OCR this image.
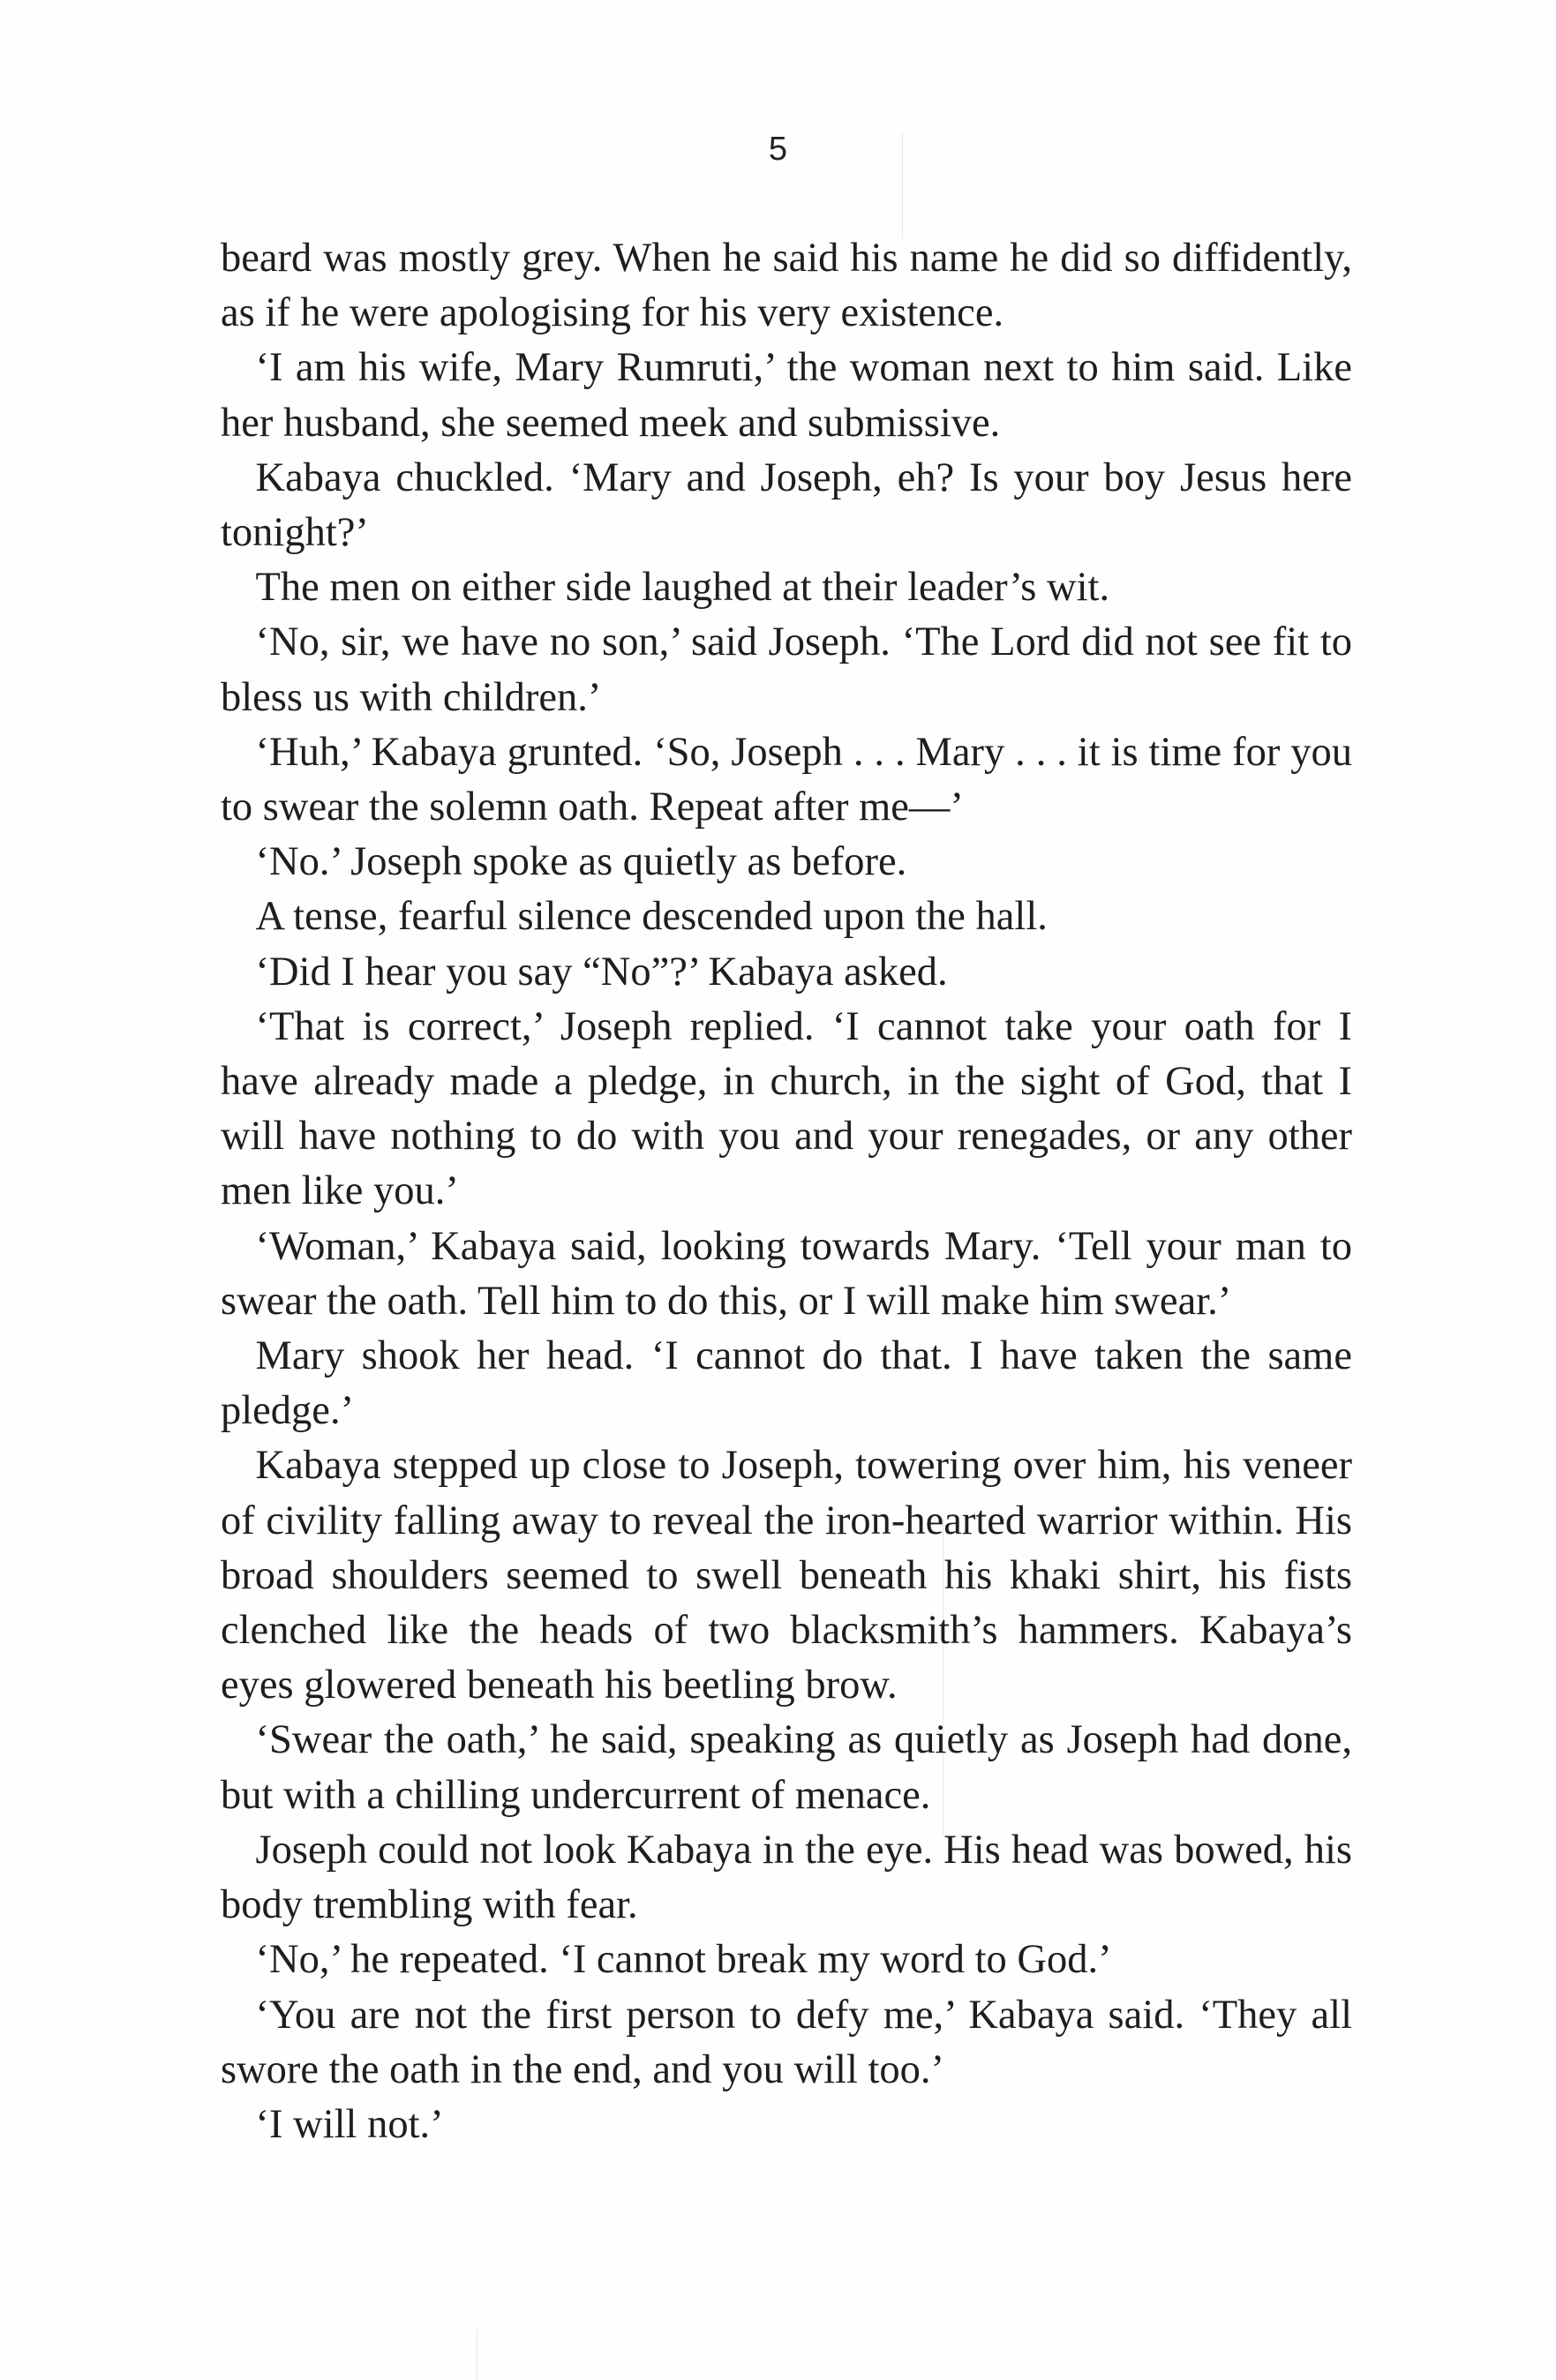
5

beard was mostly grey. When he said his name he did so diffidently, as if he were apologising for his very existence.

‘I am his wife, Mary Rumruti,’ the woman next to him said. Like her husband, she seemed meek and submissive.

Kabaya chuckled. ‘Mary and Joseph, eh? Is your boy Jesus here tonight?’

The men on either side laughed at their leader’s wit.

‘No, sir, we have no son,’ said Joseph. ‘The Lord did not see fit to bless us with children.’

‘Huh,’ Kabaya grunted. ‘So, Joseph . . . Mary . . . it is time for you to swear the solemn oath. Repeat after me—’

‘No.’ Joseph spoke as quietly as before.

A tense, fearful silence descended upon the hall.

‘Did I hear you say “No”?’ Kabaya asked.

‘That is correct,’ Joseph replied. ‘I cannot take your oath for I have already made a pledge, in church, in the sight of God, that I will have nothing to do with you and your renegades, or any other men like you.’

‘Woman,’ Kabaya said, looking towards Mary. ‘Tell your man to swear the oath. Tell him to do this, or I will make him swear.’

Mary shook her head. ‘I cannot do that. I have taken the same pledge.’

Kabaya stepped up close to Joseph, towering over him, his veneer of civility falling away to reveal the iron-hearted warrior within. His broad shoulders seemed to swell beneath his khaki shirt, his fists clenched like the heads of two blacksmith’s hammers. Kabaya’s eyes glowered beneath his beetling brow.

‘Swear the oath,’ he said, speaking as quietly as Joseph had done, but with a chilling undercurrent of menace.

Joseph could not look Kabaya in the eye. His head was bowed, his body trembling with fear.

‘No,’ he repeated. ‘I cannot break my word to God.’

‘You are not the first person to defy me,’ Kabaya said. ‘They all swore the oath in the end, and you will too.’

‘I will not.’
